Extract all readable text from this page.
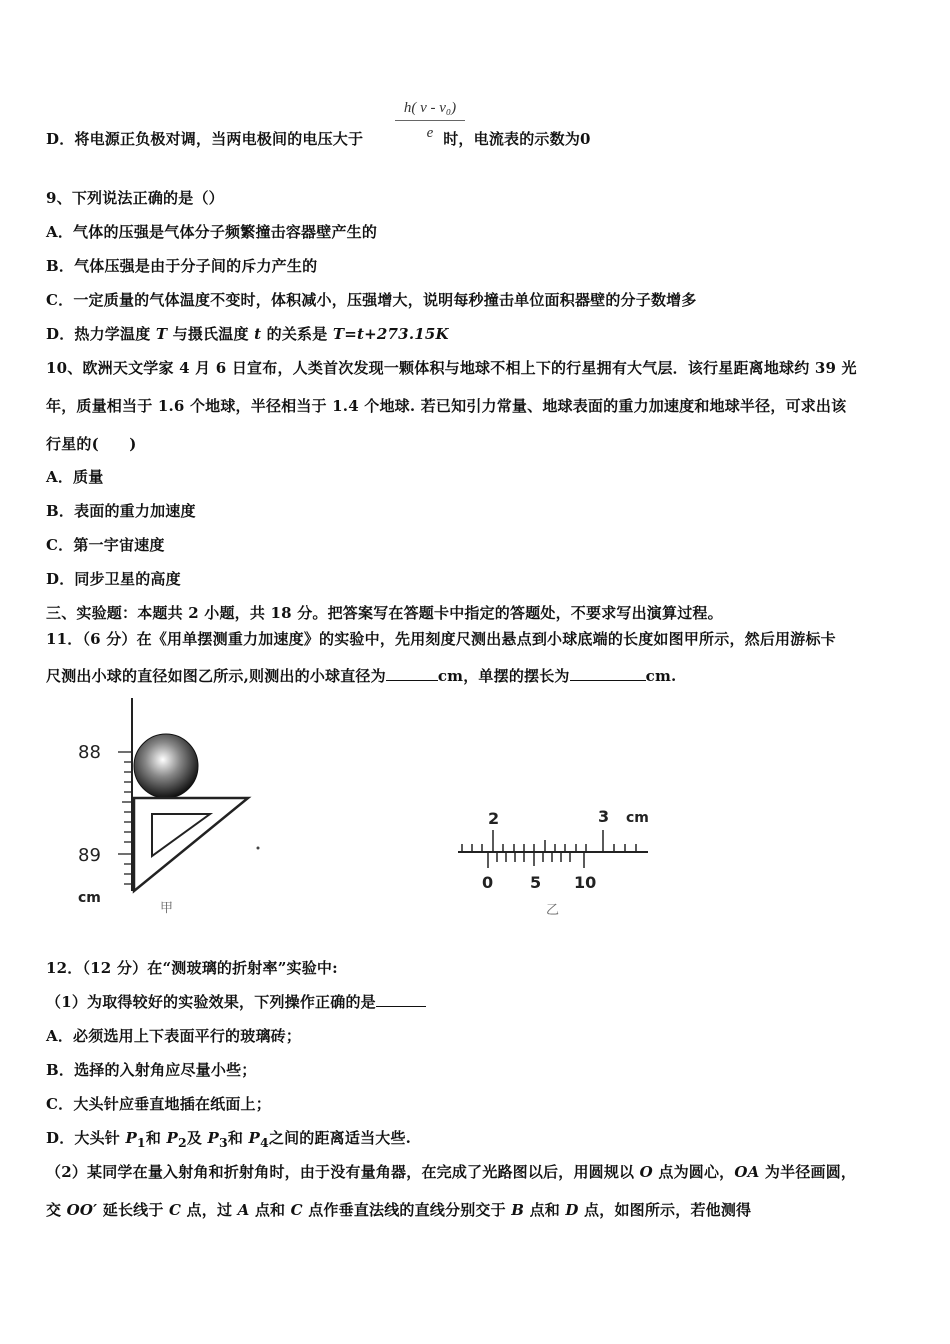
h( v - v₀)
e
D．将电源正负极对调，当两电极间的电压大于	时，电流表的示数为0
9、下列说法正确的是（）
A．气体的压强是气体分子频繁撞击容器壁产生的
B．气体压强是由于分子间的斥力产生的
C．一定质量的气体温度不变时，体积减小，压强增大，说明每秒撞击单位面积器壁的分子数增多
D．热力学温度 T 与摄氏温度 t 的关系是 T=t+273.15K
10、欧洲天文学家 4 月 6 日宣布，人类首次发现一颗体积与地球不相上下的行星拥有大气层．该行星距离地球约 39 光
年，质量相当于 1.6 个地球，半径相当于 1.4 个地球. 若已知引力常量、地球表面的重力加速度和地球半径，可求出该
行星的(　　)
A．质量
B．表面的重力加速度
C．第一宇宙速度
D．同步卫星的高度
三、实验题：本题共 2 小题，共 18 分。把答案写在答题卡中指定的答题处，不要求写出演算过程。
11．（6 分）在《用单摆测重力加速度》的实验中，先用刻度尺测出悬点到小球底端的长度如图甲所示，然后用游标卡
尺测出小球的直径如图乙所示,则测出的小球直径为	cm，单摆的摆长为	cm.
88
89
cm
甲
2	3 cm
0 5 10
乙
12．（12 分）在“测玻璃的折射率”实验中:
（1）为取得较好的实验效果，下列操作正确的是
A．必须选用上下表面平行的玻璃砖；
B．选择的入射角应尽量小些；
C．大头针应垂直地插在纸面上；
D．大头针 $P_1$和 $P_2$及 $P_3$和 $P_4$之间的距离适当大些.
（2）某同学在量入射角和折射角时，由于没有量角器，在完成了光路图以后，用圆规以 O 点为圆心，OA 为半径画圆，
交 OO′ 延长线于 C 点，过 A 点和 C 点作垂直法线的直线分别交于 B 点和 D 点，如图所示，若他测得
